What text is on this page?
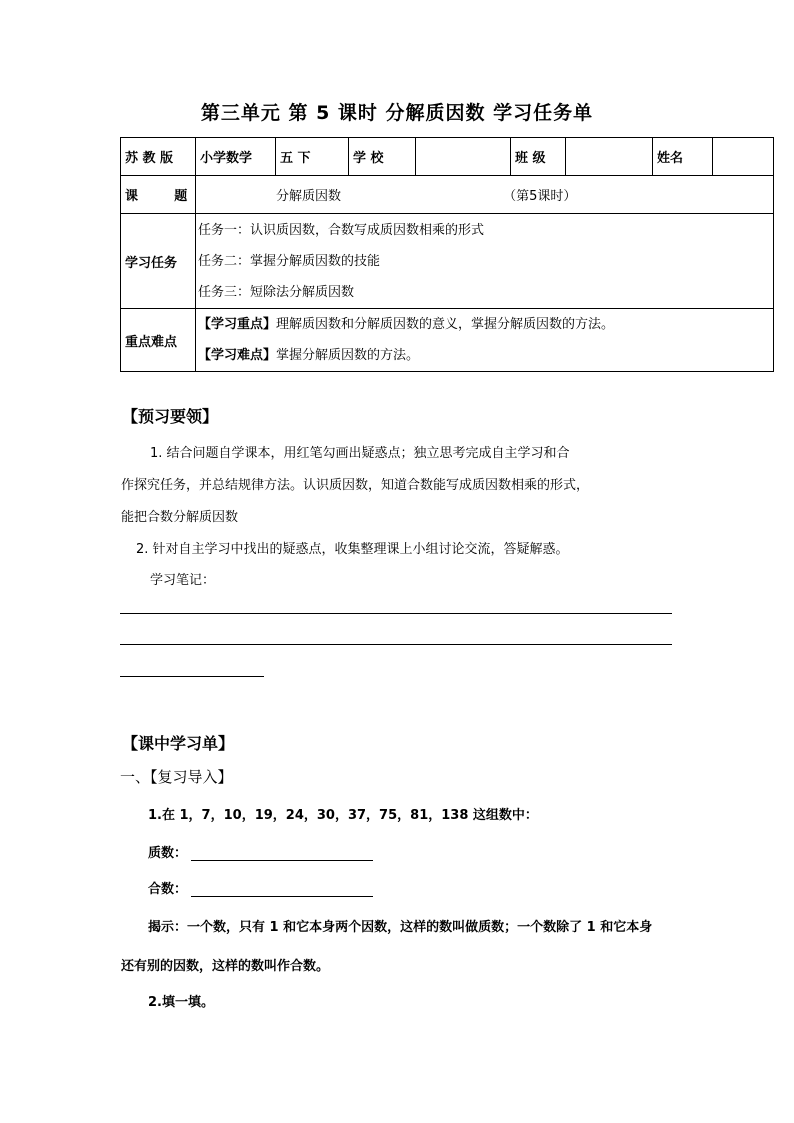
第三单元 第 5 课时 分解质因数 学习任务单
苏 教 版	小学数学	五 下	学 校		班 级		姓名	
课        题	分解质因数 （第5课时）							
学习任务	任务一：认识质因数，合数写成质因数相乘的形式
任务二：掌握分解质因数的技能
任务三：短除法分解质因数							

重点难点	【学习重点】理解质因数和分解质因数的意义，掌握分解质因数的方法。
【学习难点】掌握分解质因数的方法。							
【预习要领】
1. 结合问题自学课本，用红笔勾画出疑惑点；独立思考完成自主学习和合
作探究任务，并总结规律方法。认识质因数，知道合数能写成质因数相乘的形式，
能把合数分解质因数
2. 针对自主学习中找出的疑惑点，收集整理课上小组讨论交流，答疑解惑。
学习笔记：
【课中学习单】
一、【复习导入】
1.在 1，7，10，19，24，30，37，75，81，138 这组数中：
质数：
合数：
揭示：一个数，只有 1 和它本身两个因数，这样的数叫做质数；一个数除了 1 和它本身
还有别的因数，这样的数叫作合数。
2.填一填。
